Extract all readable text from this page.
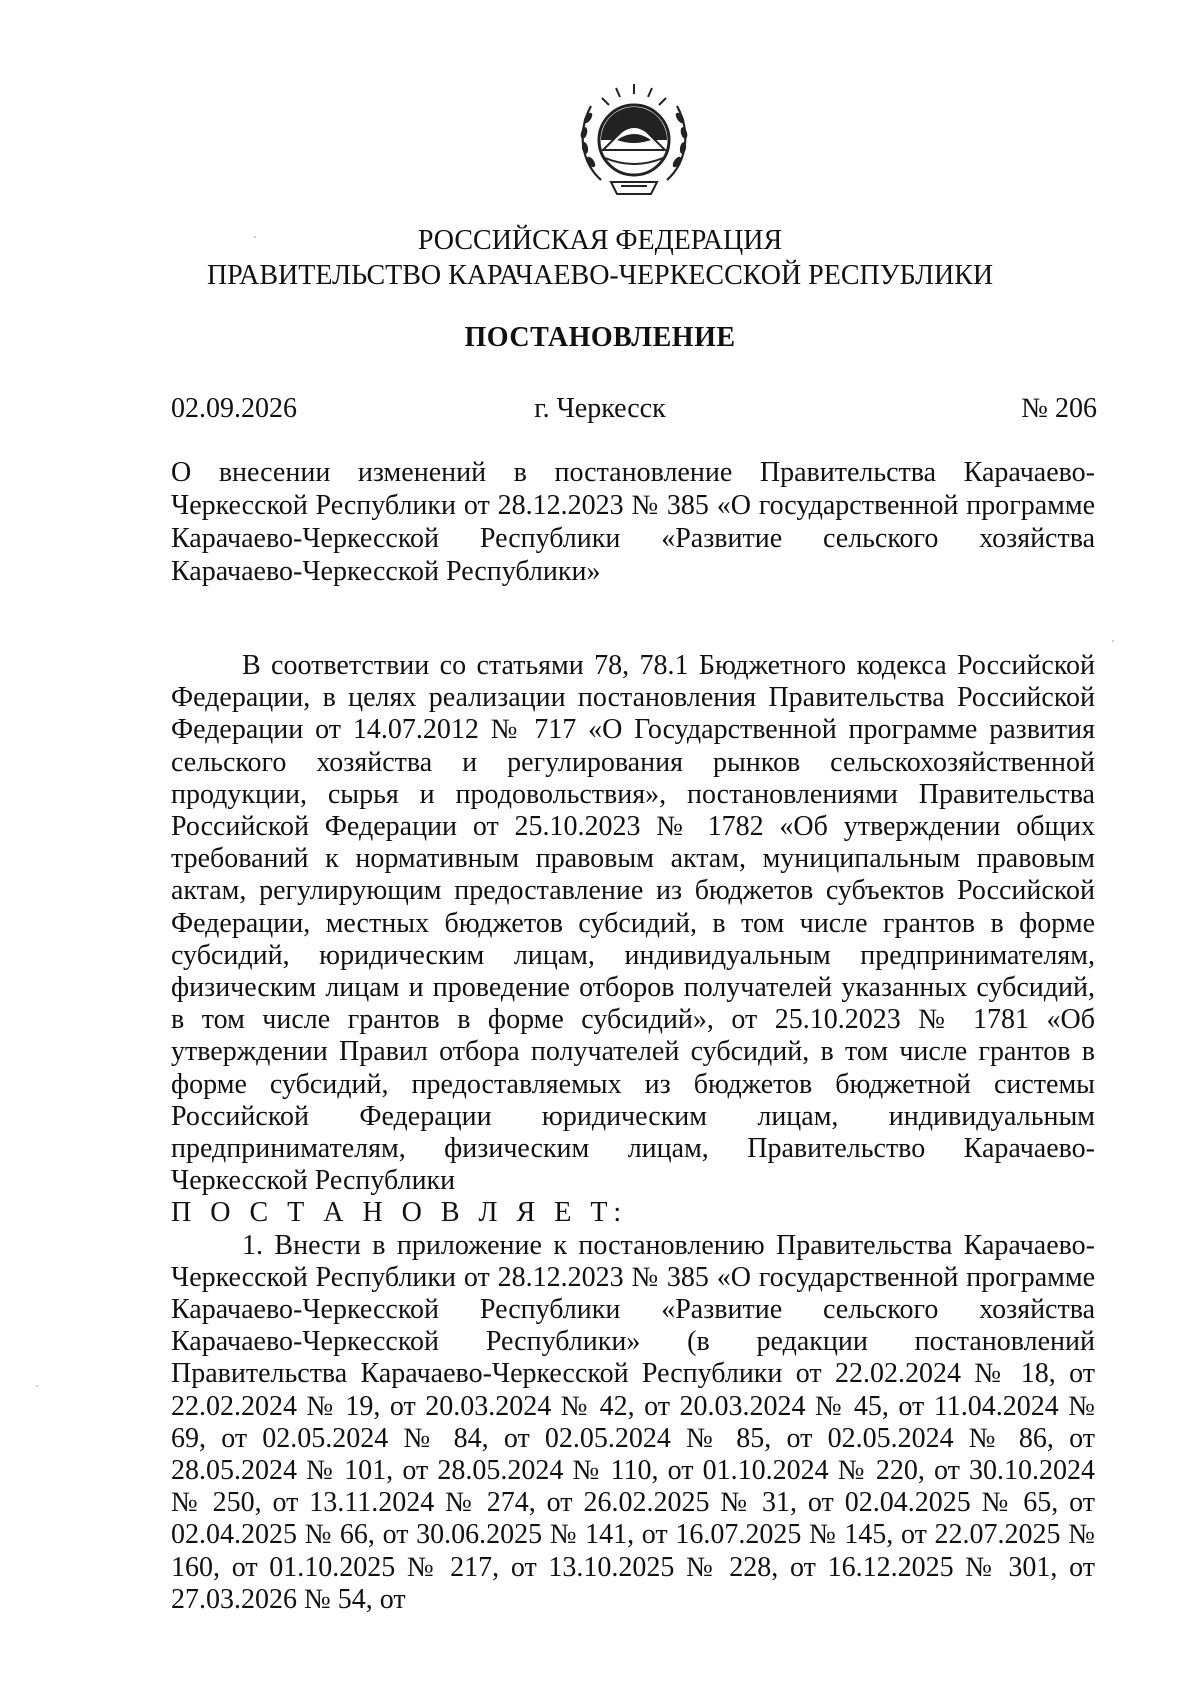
РОССИЙСКАЯ ФЕДЕРАЦИЯ
ПРАВИТЕЛЬСТВО КАРАЧАЕВО-ЧЕРКЕССКОЙ РЕСПУБЛИКИ
ПОСТАНОВЛЕНИЕ
02.09.2026	г. Черкесск	№ 206
О внесении изменений в постановление Правительства Карачаево-Черкесской Республики от 28.12.2023 № 385 «О государственной программе Карачаево-Черкесской Республики «Развитие сельского хозяйства Карачаево-Черкесской Республики»

В соответствии со статьями 78, 78.1 Бюджетного кодекса Российской Федерации, в целях реализации постановления Правительства Российской Федерации от 14.07.2012 № 717 «О Государственной программе развития сельского хозяйства и регулирования рынков сельскохозяйственной продукции, сырья и продовольствия», постановлениями Правительства Российской Федерации от 25.10.2023 № 1782 «Об утверждении общих требований к нормативным правовым актам, муниципальным правовым актам, регулирующим предоставление из бюджетов субъектов Российской Федерации, местных бюджетов субсидий, в том числе грантов в форме субсидий, юридическим лицам, индивидуальным предпринимателям, физическим лицам и проведение отборов получателей указанных субсидий, в том числе грантов в форме субсидий», от 25.10.2023 № 1781 «Об утверждении Правил отбора получателей субсидий, в том числе грантов в форме субсидий, предоставляемых из бюджетов бюджетной системы Российской Федерации юридическим лицам, индивидуальным предпринимателям, физическим лицам, Правительство Карачаево-Черкесской Республики

П О С Т А Н О В Л Я Е Т:

1. Внести в приложение к постановлению Правительства Карачаево-Черкесской Республики от 28.12.2023 № 385 «О государственной программе Карачаево-Черкесской Республики «Развитие сельского хозяйства Карачаево-Черкесской Республики» (в редакции постановлений Правительства Карачаево-Черкесской Республики от 22.02.2024 № 18, от 22.02.2024 № 19, от 20.03.2024 № 42, от 20.03.2024 № 45, от 11.04.2024 № 69, от 02.05.2024 № 84, от 02.05.2024 № 85, от 02.05.2024 № 86, от 28.05.2024 № 101, от 28.05.2024 № 110, от 01.10.2024 № 220, от 30.10.2024 № 250, от 13.11.2024 № 274, от 26.02.2025 № 31, от 02.04.2025 № 65, от 02.04.2025 № 66, от 30.06.2025 № 141, от 16.07.2025 № 145, от 22.07.2025 № 160, от 01.10.2025 № 217, от 13.10.2025 № 228, от 16.12.2025 № 301, от 27.03.2026 № 54, от
